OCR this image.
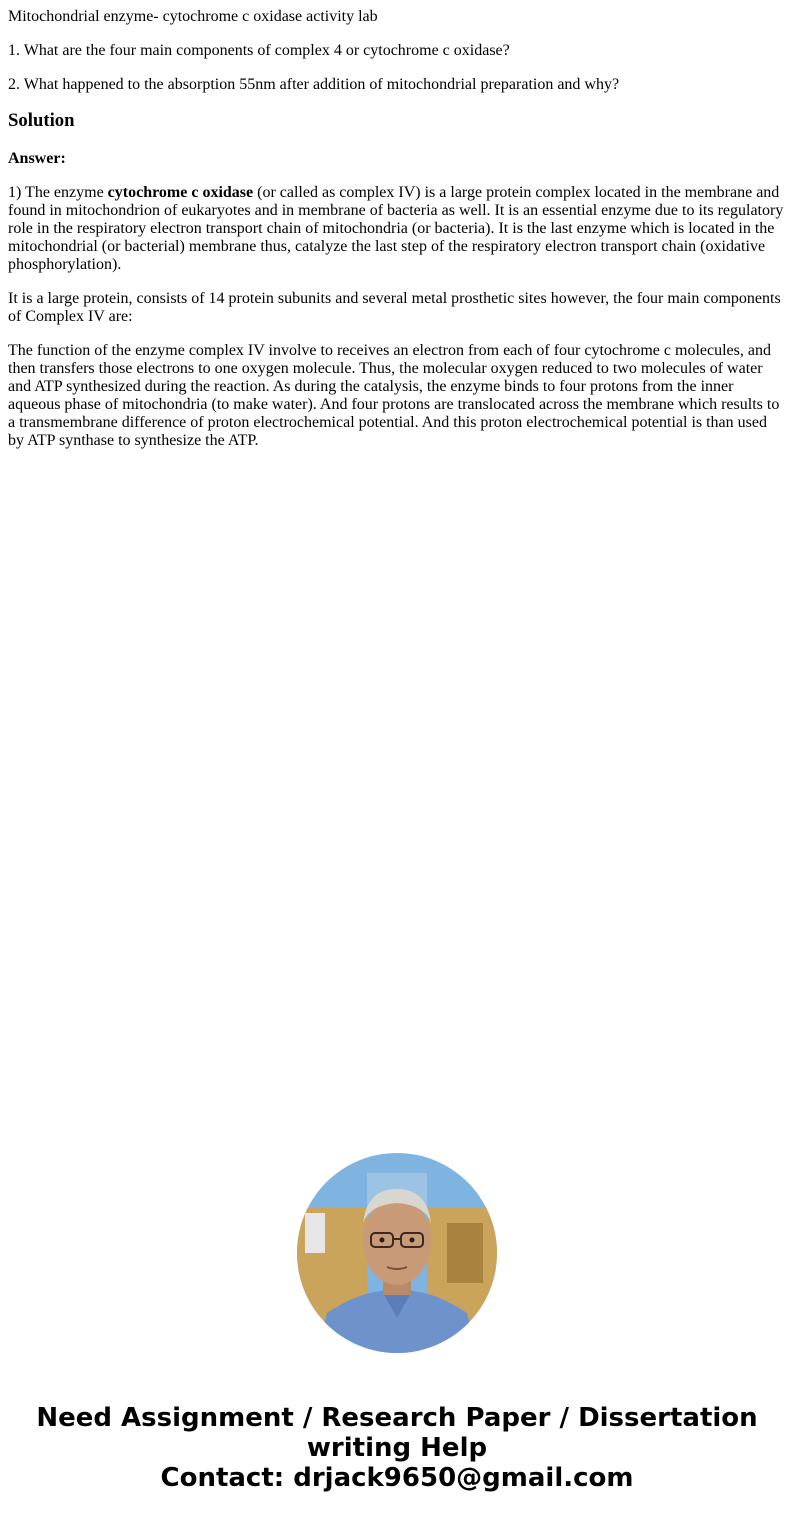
Mitochondrial enzyme- cytochrome c oxidase activity lab

1. What are the four main components of complex 4 or cytochrome c oxidase?

2. What happened to the absorption 55nm after addition of mitochondrial preparation and why?

Solution

Answer:

1) The enzyme cytochrome c oxidase (or called as complex IV) is a large protein complex located in the membrane and found in mitochondrion of eukaryotes and in membrane of bacteria as well. It is an essential enzyme due to its regulatory role in the respiratory electron transport chain of mitochondria (or bacteria). It is the last enzyme which is located in the mitochondrial (or bacterial) membrane thus, catalyze the last step of the respiratory electron transport chain (oxidative phosphorylation).

It is a large protein, consists of 14 protein subunits and several metal prosthetic sites however, the four main components of Complex IV are:

The function of the enzyme complex IV involve to receives an electron from each of four cytochrome c molecules, and then transfers those electrons to one oxygen molecule. Thus, the molecular oxygen reduced to two molecules of water and ATP synthesized during the reaction. As during the catalysis, the enzyme binds to four protons from the inner aqueous phase of mitochondria (to make water). And four protons are translocated across the membrane which results to a transmembrane difference of proton electrochemical potential. And this proton electrochemical potential is than used by ATP synthase to synthesize the ATP.

Need Assignment / Research Paper / Dissertation
writing Help
Contact: drjack9650@gmail.com
